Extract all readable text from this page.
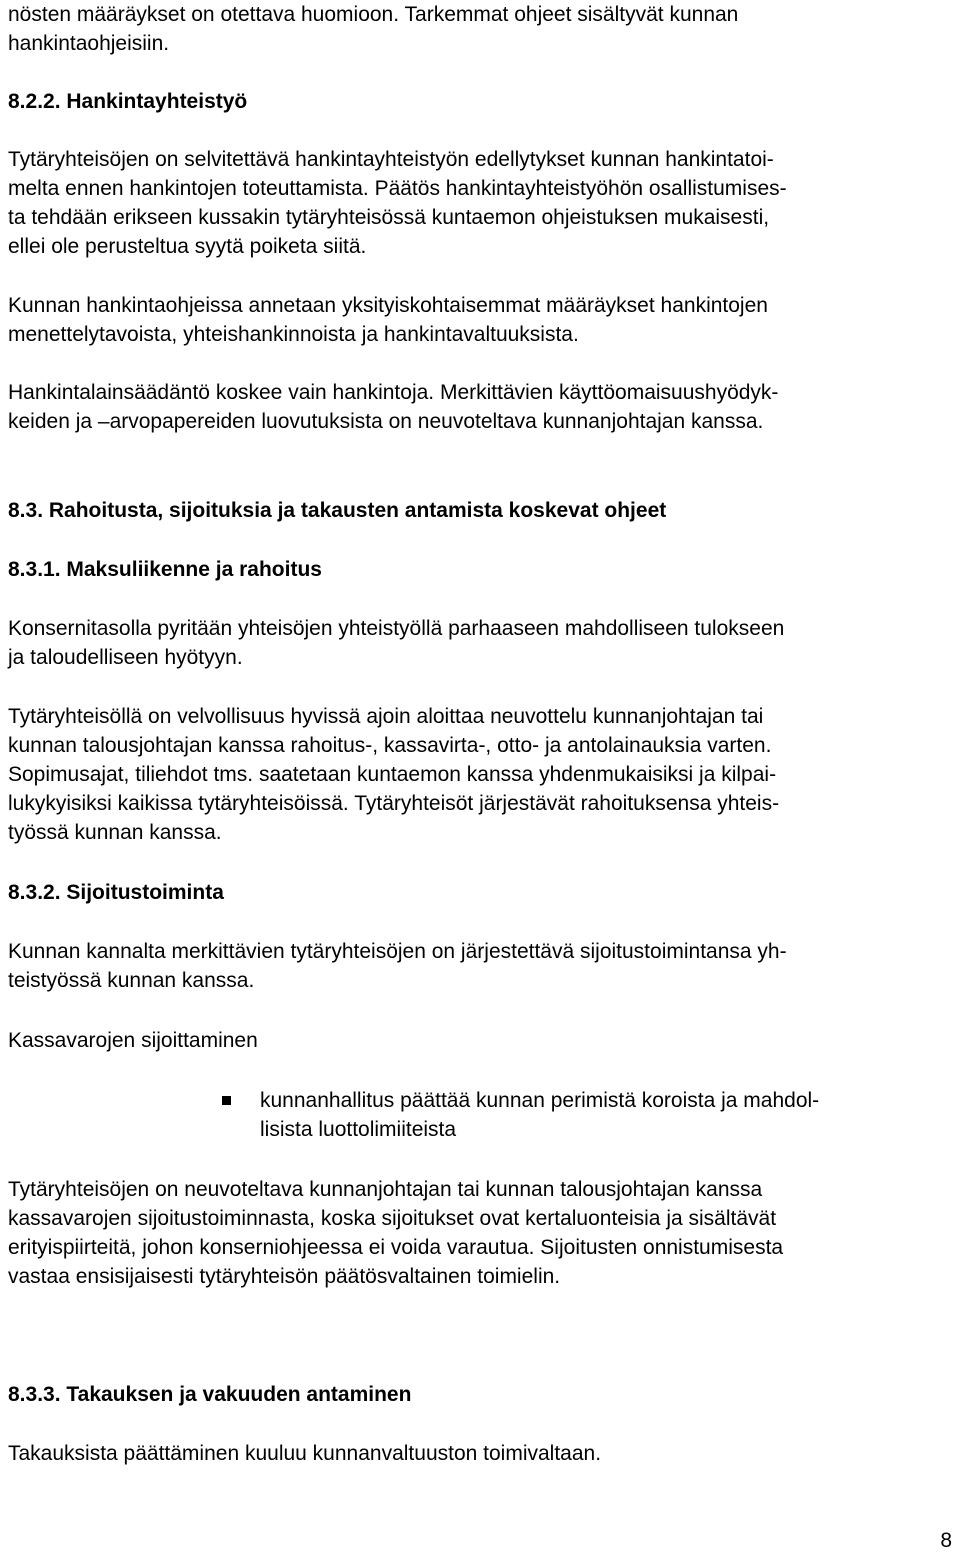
nösten määräykset on otettava huomioon. Tarkemmat ohjeet sisältyvät kunnan
hankintaohjeisiin.
8.2.2. Hankintayhteistyö
Tytäryhteisöjen on selvitettävä hankintayhteistyön edellytykset kunnan hankintatoi-
melta ennen hankintojen toteuttamista. Päätös hankintayhteistyöhön osallistumises-
ta tehdään erikseen kussakin tytäryhteisössä kuntaemon ohjeistuksen mukaisesti,
ellei ole perusteltua syytä poiketa siitä.
Kunnan hankintaohjeissa annetaan yksityiskohtaisemmat määräykset hankintojen
menettelytavoista, yhteishankinnoista ja hankintavaltuuksista.
Hankintalainsäädäntö koskee vain hankintoja. Merkittävien käyttöomaisuushyödyk-
keiden ja –arvopapereiden luovutuksista on neuvoteltava kunnanjohtajan kanssa.
8.3. Rahoitusta, sijoituksia ja takausten antamista koskevat ohjeet
8.3.1. Maksuliikenne ja rahoitus
Konsernitasolla pyritään yhteisöjen yhteistyöllä parhaaseen mahdolliseen tulokseen
ja taloudelliseen hyötyyn.
Tytäryhteisöllä on velvollisuus hyvissä ajoin aloittaa neuvottelu kunnanjohtajan tai
kunnan talousjohtajan kanssa rahoitus-, kassavirta-, otto- ja antolainauksia varten.
Sopimusajat, tiliehdot tms. saatetaan kuntaemon kanssa yhdenmukaisiksi ja kilpai-
lukykyisiksi kaikissa tytäryhteisöissä. Tytäryhteisöt järjestävät rahoituksensa yhteis-
työssä kunnan kanssa.
8.3.2. Sijoitustoiminta
Kunnan kannalta merkittävien tytäryhteisöjen on järjestettävä sijoitustoimintansa yh-
teistyössä kunnan kanssa.
Kassavarojen sijoittaminen
kunnanhallitus päättää kunnan perimistä koroista ja mahdol-
lisista luottolimiiteista
Tytäryhteisöjen on neuvoteltava kunnanjohtajan tai kunnan talousjohtajan kanssa
kassavarojen sijoitustoiminnasta, koska sijoitukset ovat kertaluonteisia ja sisältävät
erityispiirteitä, johon konserniohjeessa ei voida varautua. Sijoitusten onnistumisesta
vastaa ensisijaisesti tytäryhteisön päätösvaltainen toimielin.
8.3.3. Takauksen ja vakuuden antaminen
Takauksista päättäminen kuuluu kunnanvaltuuston toimivaltaan.
8
